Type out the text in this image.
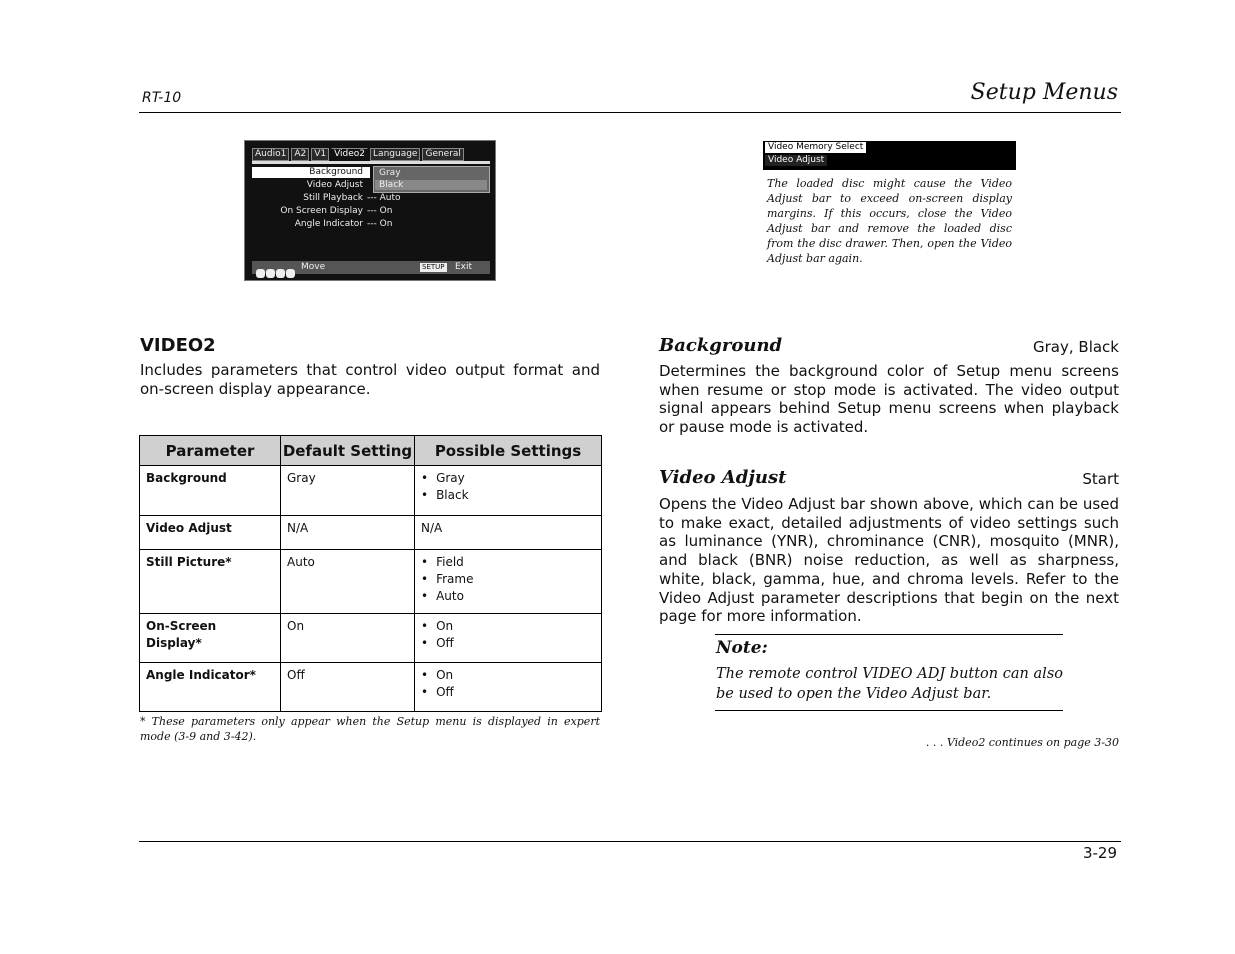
RT-10	Setup Menus
Audio1 A2 V1 Video2 Language General
Background
Video Adjust
Still Playback --- Auto
On Screen Display --- On
Angle Indicator --- On
Gray
Black
Move	SETUP Exit
Video Memory Select
Video Adjust
The loaded disc might cause the Video Adjust bar to exceed on-screen display margins. If this occurs, close the Video Adjust bar and remove the loaded disc from the disc drawer. Then, open the Video Adjust bar again.
VIDEO2
Includes parameters that control video output format and on-screen display appearance.
Parameter	Default Setting	Possible Settings
Background	Gray	• Gray
• Black

Video Adjust	N/A	N/A
Still Picture*	Auto	• Field
• Frame
• Auto

On-Screen Display*	On	• On
• Off

Angle Indicator*	Off	• On
• Off
* These parameters only appear when the Setup menu is displayed in expert mode (3-9 and 3-42).
Background	Gray, Black
Determines the background color of Setup menu screens when resume or stop mode is activated. The video output signal appears behind Setup menu screens when playback or pause mode is activated.
Video Adjust	Start
Opens the Video Adjust bar shown above, which can be used to make exact, detailed adjustments of video settings such as luminance (YNR), chrominance (CNR), mosquito (MNR), and black (BNR) noise reduction, as well as sharpness, white, black, gamma, hue, and chroma levels. Refer to the Video Adjust parameter descriptions that begin on the next page for more information.
Note:
The remote control VIDEO ADJ button can also be used to open the Video Adjust bar.
. . . Video2 continues on page 3-30
3-29
